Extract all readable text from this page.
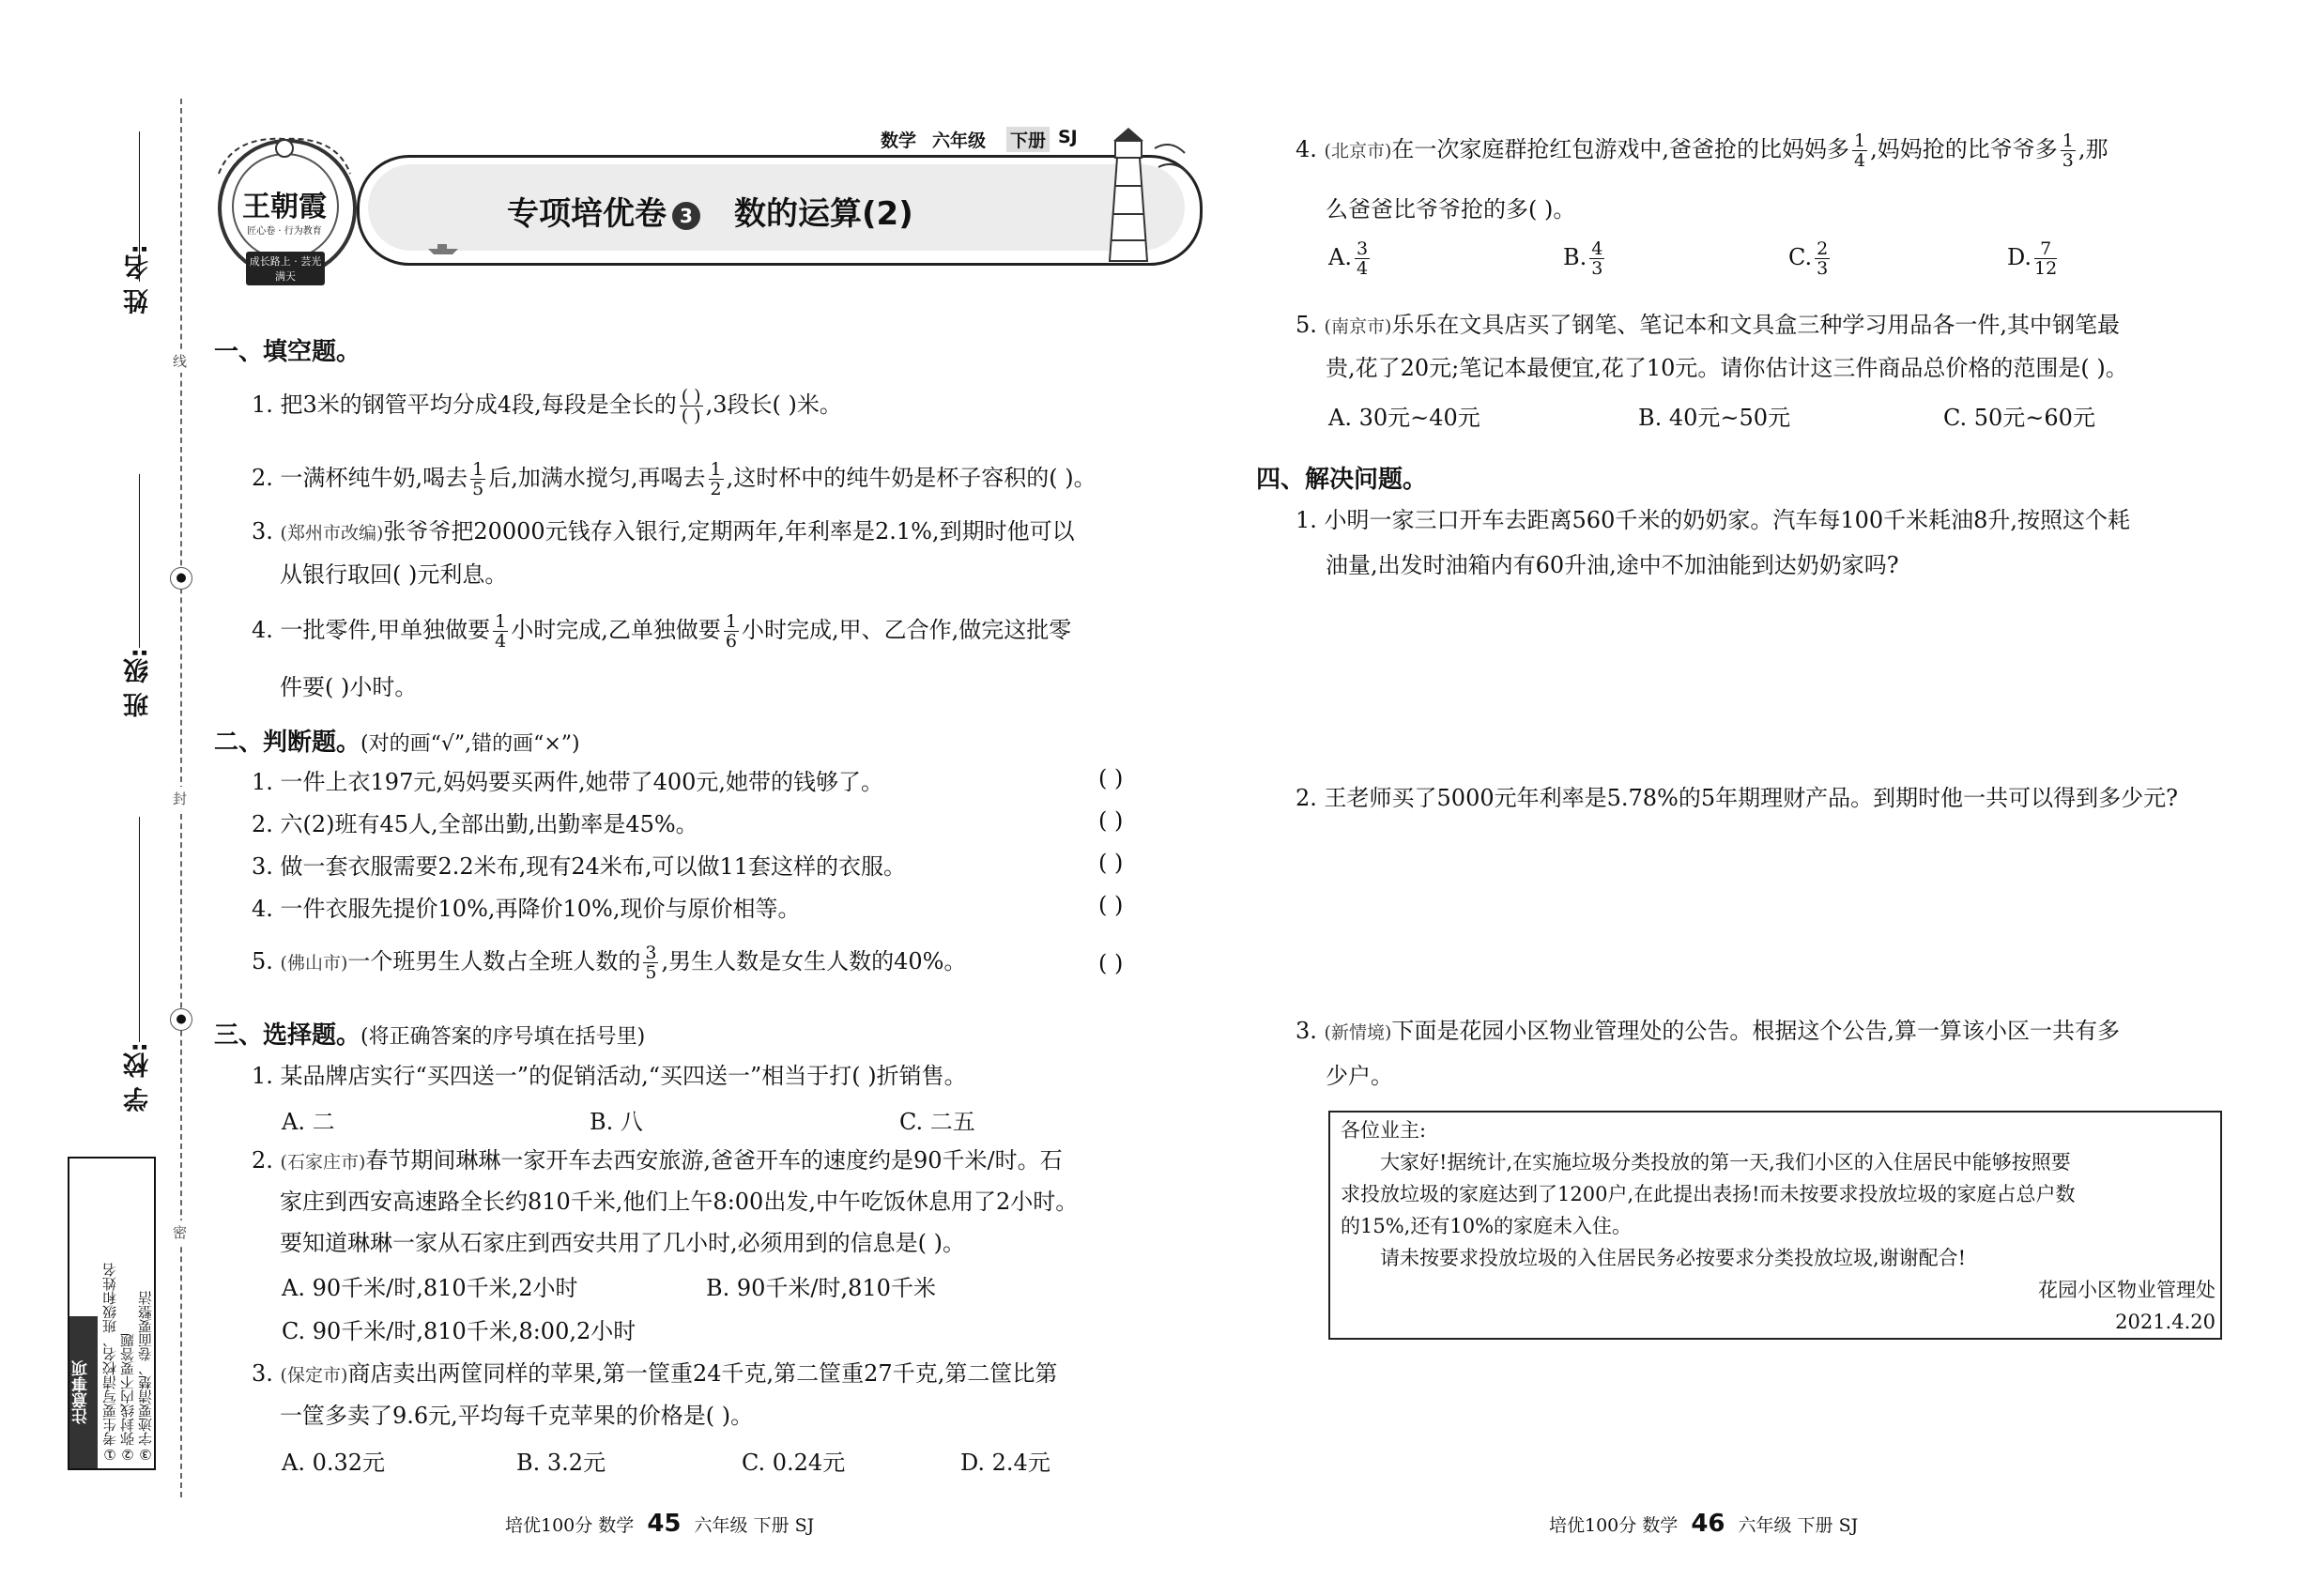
姓 名:
班 级:
学 校:
●
●
线
封
密
注意事项 ①考生要写清校名、班级和姓名 ②弥封线内不要答题 ③字迹要清楚、卷面要整洁
王朝霞
匠心卷 · 行为教育
成长路上 · 芸光满天
数学 六年级 下册 SJ
专项培优卷 3 数的运算(2)
一、填空题。
1. 把3米的钢管平均分成4段,每段是全长的 $\frac{( )}{( )} ,3$段长( )米。
2. 一满杯纯牛奶,喝去 $\frac{1}{5}$ 后,加满水搅匀,再喝去 $\frac{1}{2}$ ,这时杯中的纯牛奶是杯子容积的( )。
3. (郑州市改编)张爷爷把20000元钱存入银行,定期两年,年利率是2.1%,到期时他可以
从银行取回( )元利息。
4. 一批零件,甲单独做要 $\frac{1}{4}$ 小时完成,乙单独做要 $\frac{1}{6}$ 小时完成,甲、乙合作,做完这批零
件要( )小时。
二、判断题。(对的画“√”,错的画“×”)
1. 一件上衣197元,妈妈要买两件,她带了400元,她带的钱够了。	( )
2. 六(2)班有45人,全部出勤,出勤率是45%。	( )
3. 做一套衣服需要2.2米布,现有24米布,可以做11套这样的衣服。	( )
4. 一件衣服先提价10%,再降价10%,现价与原价相等。	( )
5. (佛山市)一个班男生人数占全班人数的 $\frac{3}{5}$ ,男生人数是女生人数的40%。	( )
三、选择题。(将正确答案的序号填在括号里)
1. 某品牌店实行“买四送一”的促销活动,“买四送一”相当于打( )折销售。
A. 二	B. 八	C. 二五
2. (石家庄市)春节期间琳琳一家开车去西安旅游,爸爸开车的速度约是90千米/时。石
家庄到西安高速路全长约810千米,他们上午8:00出发,中午吃饭休息用了2小时。
要知道琳琳一家从石家庄到西安共用了几小时,必须用到的信息是( )。
A. 90千米/时,810千米,2小时	B. 90千米/时,810千米
C. 90千米/时,810千米,8:00,2小时
3. (保定市)商店卖出两筐同样的苹果,第一筐重24千克,第二筐重27千克,第二筐比第
一筐多卖了9.6元,平均每千克苹果的价格是( )。
A. 0.32元	B. 3.2元	C. 0.24元	D. 2.4元
培优100分 数学 45 六年级 下册 SJ
4. (北京市)在一次家庭群抢红包游戏中,爸爸抢的比妈妈多 $\frac{1}{4}$ ,妈妈抢的比爷爷多 $\frac{1}{3}$ ,那
么爸爸比爷爷抢的多( )。
A. $\frac{3}{4}$	B. $\frac{4}{3}$	C. $\frac{2}{3}$	D. $\frac{7}{12}$
5. (南京市)乐乐在文具店买了钢笔、笔记本和文具盒三种学习用品各一件,其中钢笔最
贵,花了20元;笔记本最便宜,花了10元。请你估计这三件商品总价格的范围是( )。
A. 30元~40元	B. 40元~50元	C. 50元~60元
四、解决问题。
1. 小明一家三口开车去距离560千米的奶奶家。汽车每100千米耗油8升,按照这个耗
油量,出发时油箱内有60升油,途中不加油能到达奶奶家吗?
2. 王老师买了5000元年利率是5.78%的5年期理财产品。到期时他一共可以得到多少元?
3. (新情境)下面是花园小区物业管理处的公告。根据这个公告,算一算该小区一共有多
少户。
各位业主:
大家好!据统计,在实施垃圾分类投放的第一天,我们小区的入住居民中能够按照要
求投放垃圾的家庭达到了1200户,在此提出表扬!而未按要求投放垃圾的家庭占总户数
的15%,还有10%的家庭未入住。
请未按要求投放垃圾的入住居民务必按要求分类投放垃圾,谢谢配合!
花园小区物业管理处
2021.4.20
培优100分 数学 46 六年级 下册 SJ
